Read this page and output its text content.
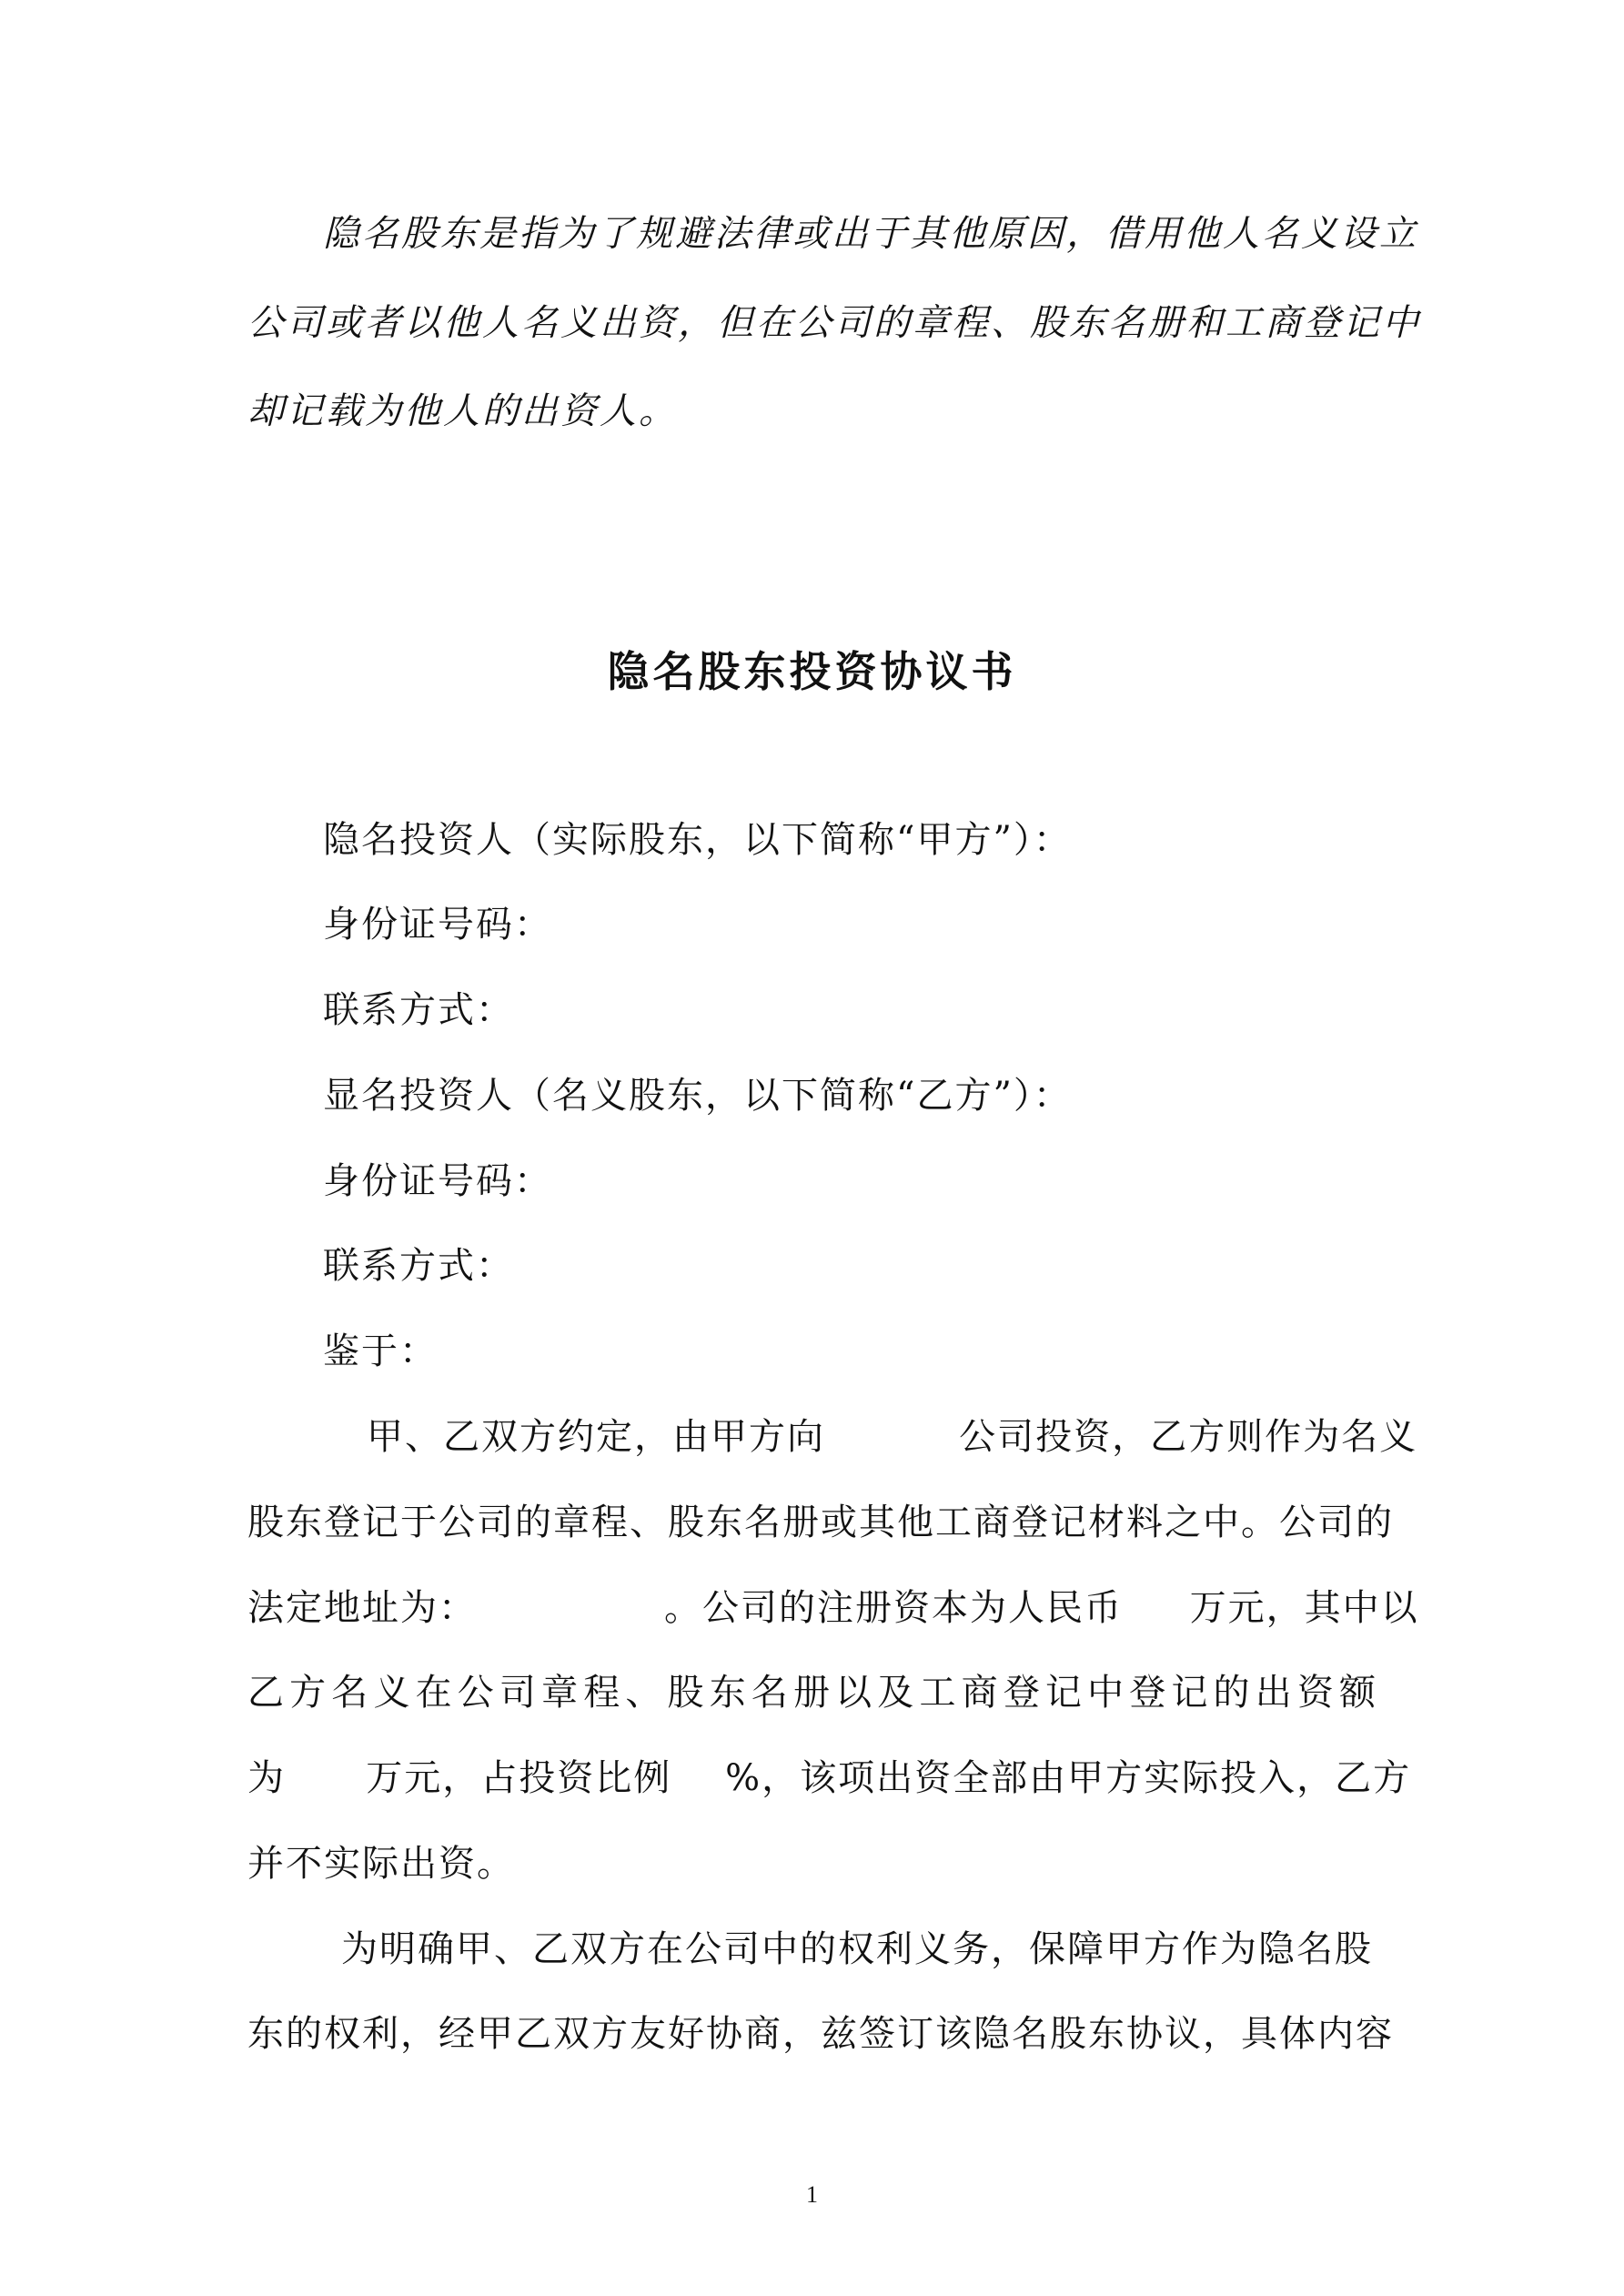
隐名股东是指为了规避法律或出于其他原因，借用他人名义设立
公司或者以他人名义出资，但在公司的章程、股东名册和工商登记中
却记载为他人的出资人。
隐名股东投资协议书
隐名投资人（实际股东，以下简称“甲方”）：
身份证号码：
联系方式：
显名投资人（名义股东，以下简称“乙方”）：
身份证号码：
联系方式：
鉴于：
甲、乙双方约定，由甲方向          公司投资，乙方则作为名义
股东登记于公司的章程、股东名册或其他工商登记材料之中。公司的
法定地址为：              。公司的注册资本为人民币     万元，其中以
乙方名义在公司章程、股东名册以及工商登记中登记的出资额
为      万元，占投资比例    %，该项出资全部由甲方实际投入，乙方
并不实际出资。
为明确甲、乙双方在公司中的权利义务，保障甲方作为隐名股
东的权利，经甲乙双方友好协商，兹签订该隐名股东协议，具体内容
1
